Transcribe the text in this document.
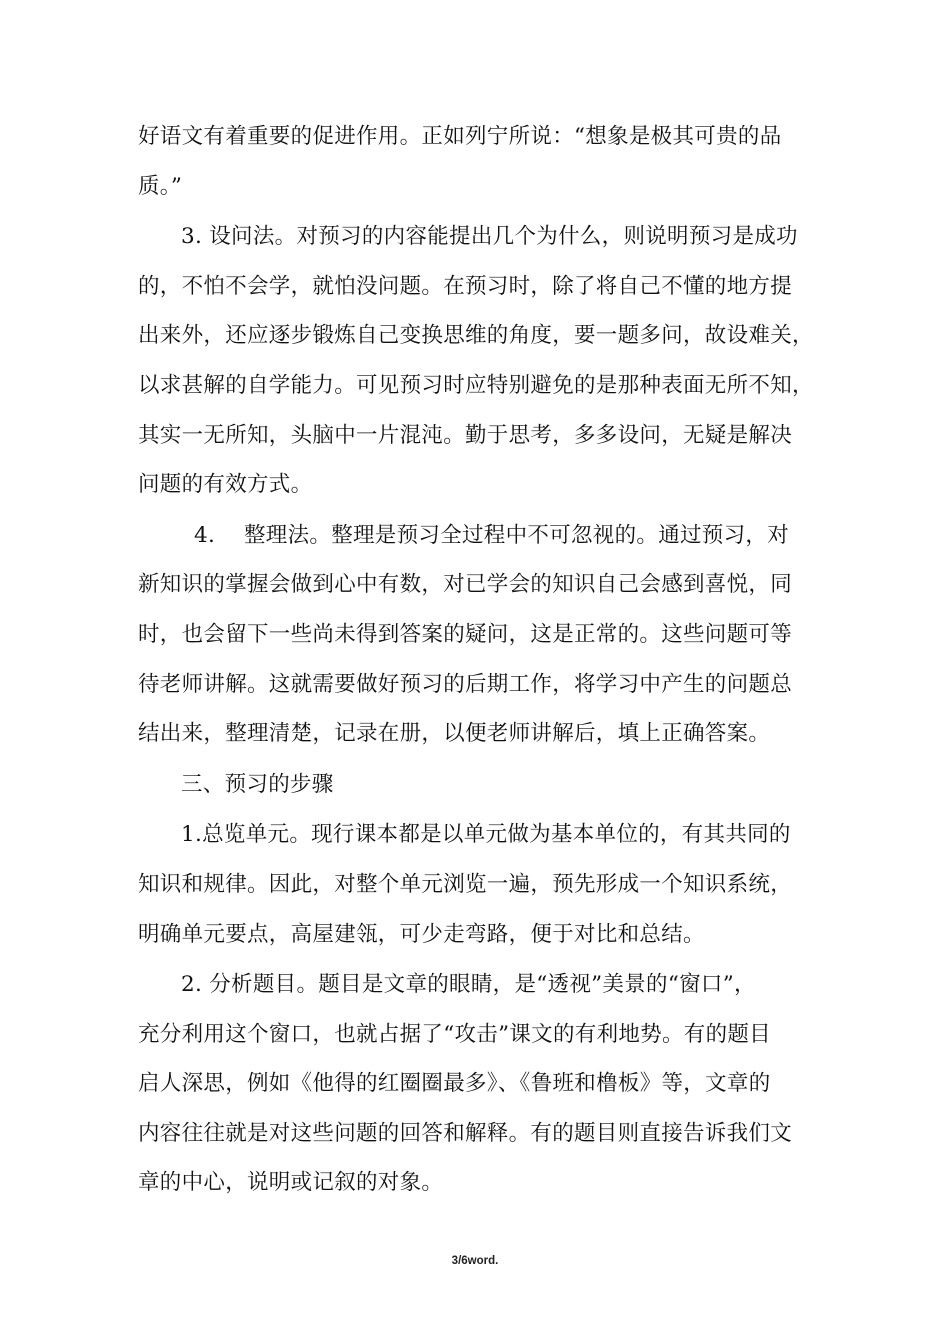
好语文有着重要的促进作用。正如列宁所说：“想象是极其可贵的品
质。”

3. 设问法。对预习的内容能提出几个为什么，则说明预习是成功
的，不怕不会学，就怕没问题。在预习时，除了将自己不懂的地方提
出来外，还应逐步锻炼自己变换思维的角度，要一题多问，故设难关，
以求甚解的自学能力。可见预习时应特别避免的是那种表面无所不知，
其实一无所知，头脑中一片混沌。勤于思考，多多设问，无疑是解决
问题的有效方式。

4. 整理法。整理是预习全过程中不可忽视的。通过预习，对
新知识的掌握会做到心中有数，对已学会的知识自己会感到喜悦，同
时，也会留下一些尚未得到答案的疑问，这是正常的。这些问题可等
待老师讲解。这就需要做好预习的后期工作，将学习中产生的问题总
结出来，整理清楚，记录在册，以便老师讲解后，填上正确答案。

三、预习的步骤

1.总览单元。现行课本都是以单元做为基本单位的，有其共同的
知识和规律。因此，对整个单元浏览一遍，预先形成一个知识系统，
明确单元要点，高屋建瓴，可少走弯路，便于对比和总结。

2. 分析题目。题目是文章的眼睛，是“透视”美景的“窗口”，
充分利用这个窗口，也就占据了“攻击”课文的有利地势。有的题目
启人深思，例如《他得的红圈圈最多》、《鲁班和橹板》等，文章的
内容往往就是对这些问题的回答和解释。有的题目则直接告诉我们文
章的中心，说明或记叙的对象。

3/6word.
